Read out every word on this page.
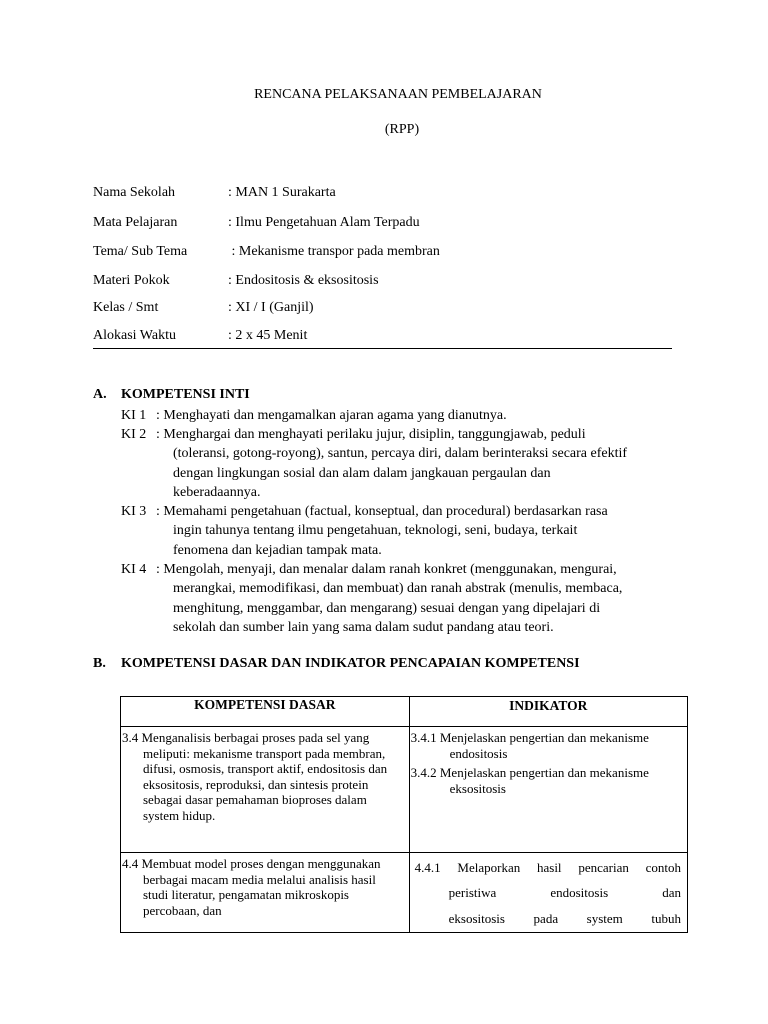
RENCANA PELAKSANAAN PEMBELAJARAN
(RPP)
Nama Sekolah	: MAN 1 Surakarta
Mata Pelajaran	: Ilmu Pengetahuan Alam Terpadu
Tema/ Sub Tema	: Mekanisme transpor pada membran
Materi Pokok	: Endositosis & eksositosis
Kelas / Smt	: XI / I (Ganjil)
Alokasi Waktu	: 2 x 45 Menit
A. KOMPETENSI INTI
KI 1 : Menghayati dan mengamalkan ajaran agama yang dianutnya.
KI 2 : Menghargai dan menghayati perilaku jujur, disiplin, tanggungjawab, peduli
(toleransi, gotong-royong), santun, percaya diri, dalam berinteraksi secara efektif
dengan lingkungan sosial dan alam dalam jangkauan pergaulan dan
keberadaannya.
KI 3 : Memahami pengetahuan (factual, konseptual, dan procedural) berdasarkan rasa
ingin tahunya tentang ilmu pengetahuan, teknologi, seni, budaya, terkait
fenomena dan kejadian tampak mata.
KI 4 : Mengolah, menyaji, dan menalar dalam ranah konkret (menggunakan, mengurai,
merangkai, memodifikasi, dan membuat) dan ranah abstrak (menulis, membaca,
menghitung, menggambar, dan mengarang) sesuai dengan yang dipelajari di
sekolah dan sumber lain yang sama dalam sudut pandang atau teori.
B. KOMPETENSI DASAR DAN INDIKATOR PENCAPAIAN KOMPETENSI
KOMPETENSI DASAR	INDIKATOR

3.4 Menganalisis berbagai proses pada sel yang meliputi: mekanisme transport pada membran, difusi, osmosis, transport aktif, endositosis dan eksositosis, reproduksi, dan sintesis protein sebagai dasar pemahaman bioproses dalam system hidup.	3.4.1 Menjelaskan pengertian dan mekanisme endositosis
3.4.2 Menjelaskan pengertian dan mekanisme eksositosis

4.4 Membuat model proses dengan menggunakan berbagai macam media melalui analisis hasil studi literatur, pengamatan mikroskopis percobaan, dan	4.4.1 Melaporkan hasil pencarian contoh
peristiwa endositosis dan
eksositosis pada system tubuh
